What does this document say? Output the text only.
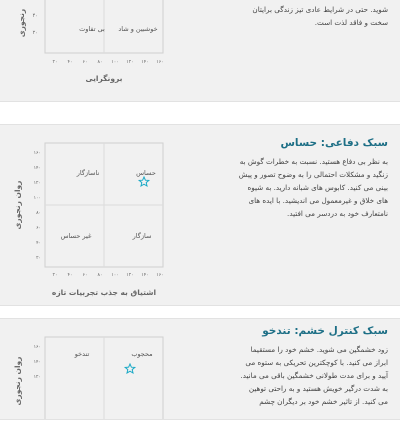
شوید. حتی در شرایط عادی تیز زندگی برایتان سخت و فاقد لذت است.
۴۰
۲۰	بی تفاوت خوشبین و شاد
۱۶۰
۱۴۰
۱۲۰
۱۰۰
۸۰
۶۰
۴۰
۲۰
رنجوری
برونگرایی
سبک دفاعی: حساس
به نظر بی دفاع هستید. نسبت به خطرات گوش به زنگید و مشکلات احتمالی را به وضوح تصور و پیش بینی می کنید. کابوس های شبانه دارید. به شیوه های خلاق و غیرمعمول می اندیشید. با ایده های نامتعارف خود به دردسر می افتید.
۱۶۰
۱۴۰
۱۲۰
۱۰۰
۸۰
۶۰
۴۰
۲۰
۱۶۰
۱۴۰
۱۲۰
۱۰۰
۸۰
۶۰
۴۰
۲۰
ناسازگار	حساس
غیر حساس	سازگار
روان رنجوری
اشتیاق به جذب تجربیات تازه
سبک کنترل خشم: تندخو
زود خشمگین می شوید. خشم خود را مستقیما ابراز می کنید. با کوچکترین تحریکی به ستوه می آیید و برای مدت طولانی خشمگین باقی می مانید. به شدت درگیر خویش هستید و به راحتی توهین می کنید. از تاثیر خشم خود بر دیگران چشم
۱۶۰
۱۴۰
۱۲۰
تندخو	محجوب
روان رنجوری
